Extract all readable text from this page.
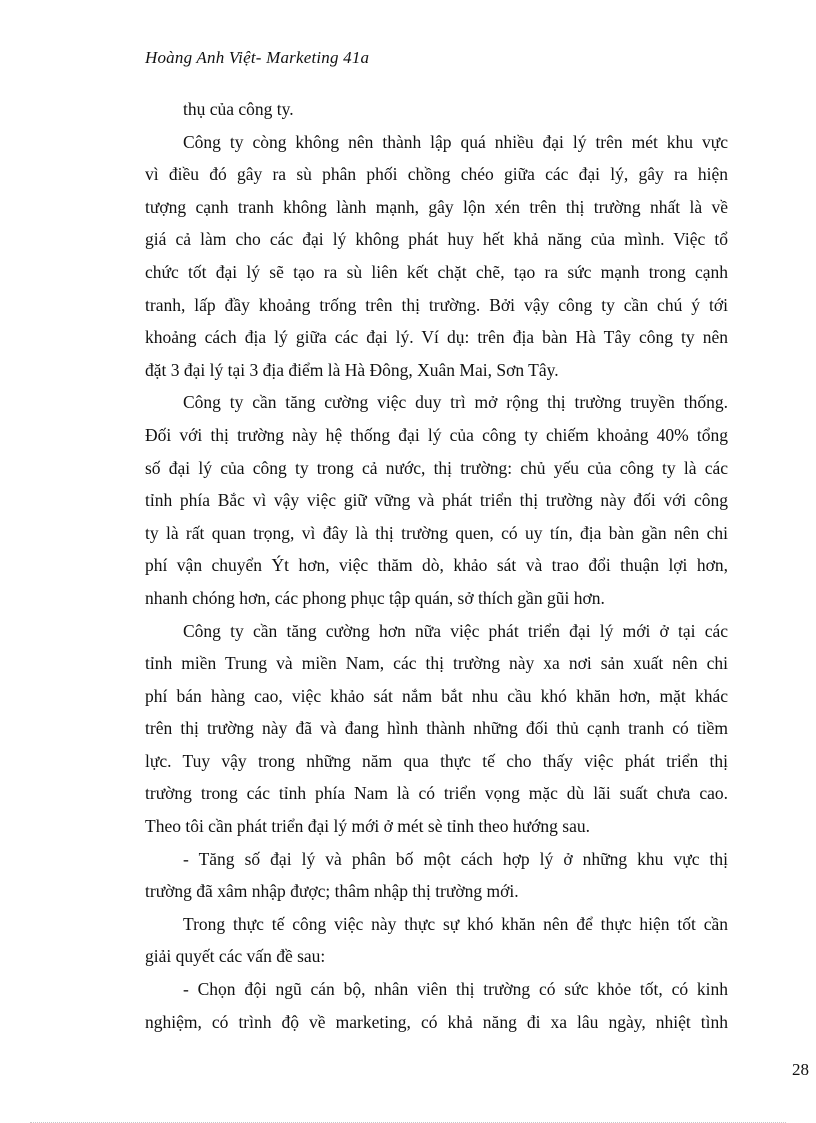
Hoàng Anh Việt- Marketing 41a
thụ của công ty.
Công ty còng không nên thành lập quá nhiều đại lý trên mét khu vực
vì điều đó gây ra sù phân phối chồng chéo giữa các đại lý, gây ra hiện
tượng cạnh tranh không lành mạnh, gây lộn xén trên thị trường nhất là về
giá cả làm cho các đại lý không phát huy hết khả năng của mình. Việc tổ
chức tốt đại lý sẽ tạo ra sù liên kết chặt chẽ, tạo ra sức mạnh trong cạnh
tranh, lấp đầy khoảng trống trên thị trường. Bởi vậy công ty cần chú ý tới
khoảng cách địa lý giữa các đại lý. Ví dụ: trên địa bàn Hà Tây công ty nên
đặt 3 đại lý tại 3 địa điểm là Hà Đông, Xuân Mai, Sơn Tây.
Công ty cần tăng cường việc duy trì mở rộng thị trường truyền thống.
Đối với thị trường này hệ thống đại lý của công ty chiếm khoảng 40% tổng
số đại lý của công ty trong cả nước, thị trường: chủ yếu của công ty là các
tỉnh phía Bắc vì vậy việc giữ vững và phát triển thị trường này đối với công
ty là rất quan trọng, vì đây là thị trường quen, có uy tín, địa bàn gần nên chi
phí vận chuyển Ýt hơn, việc thăm dò, khảo sát và trao đổi thuận lợi hơn,
nhanh chóng hơn, các phong phục tập quán, sở thích gần gũi hơn.
Công ty cần tăng cường hơn nữa việc phát triển đại lý mới ở tại các
tỉnh miền Trung và miền Nam, các thị trường này xa nơi sản xuất nên chi
phí bán hàng cao, việc khảo sát nắm bắt nhu cầu khó khăn hơn, mặt khác
trên thị trường này đã và đang hình thành những đối thủ cạnh tranh có tiềm
lực. Tuy vậy trong những năm qua thực tế cho thấy việc phát triển thị
trường trong các tỉnh phía Nam là có triển vọng mặc dù lãi suất chưa cao.
Theo tôi cần phát triển đại lý mới ở mét sè tỉnh theo hướng sau.
- Tăng số đại lý và phân bố một cách hợp lý ở những khu vực thị
trường đã xâm nhập được; thâm nhập thị trường mới.
Trong thực tế công việc này thực sự khó khăn nên để thực hiện tốt cần
giải quyết các vấn đề sau:
- Chọn đội ngũ cán bộ, nhân viên thị trường có sức khỏe tốt, có kinh
nghiệm, có trình độ về marketing, có khả năng đi xa lâu ngày, nhiệt tình
28
